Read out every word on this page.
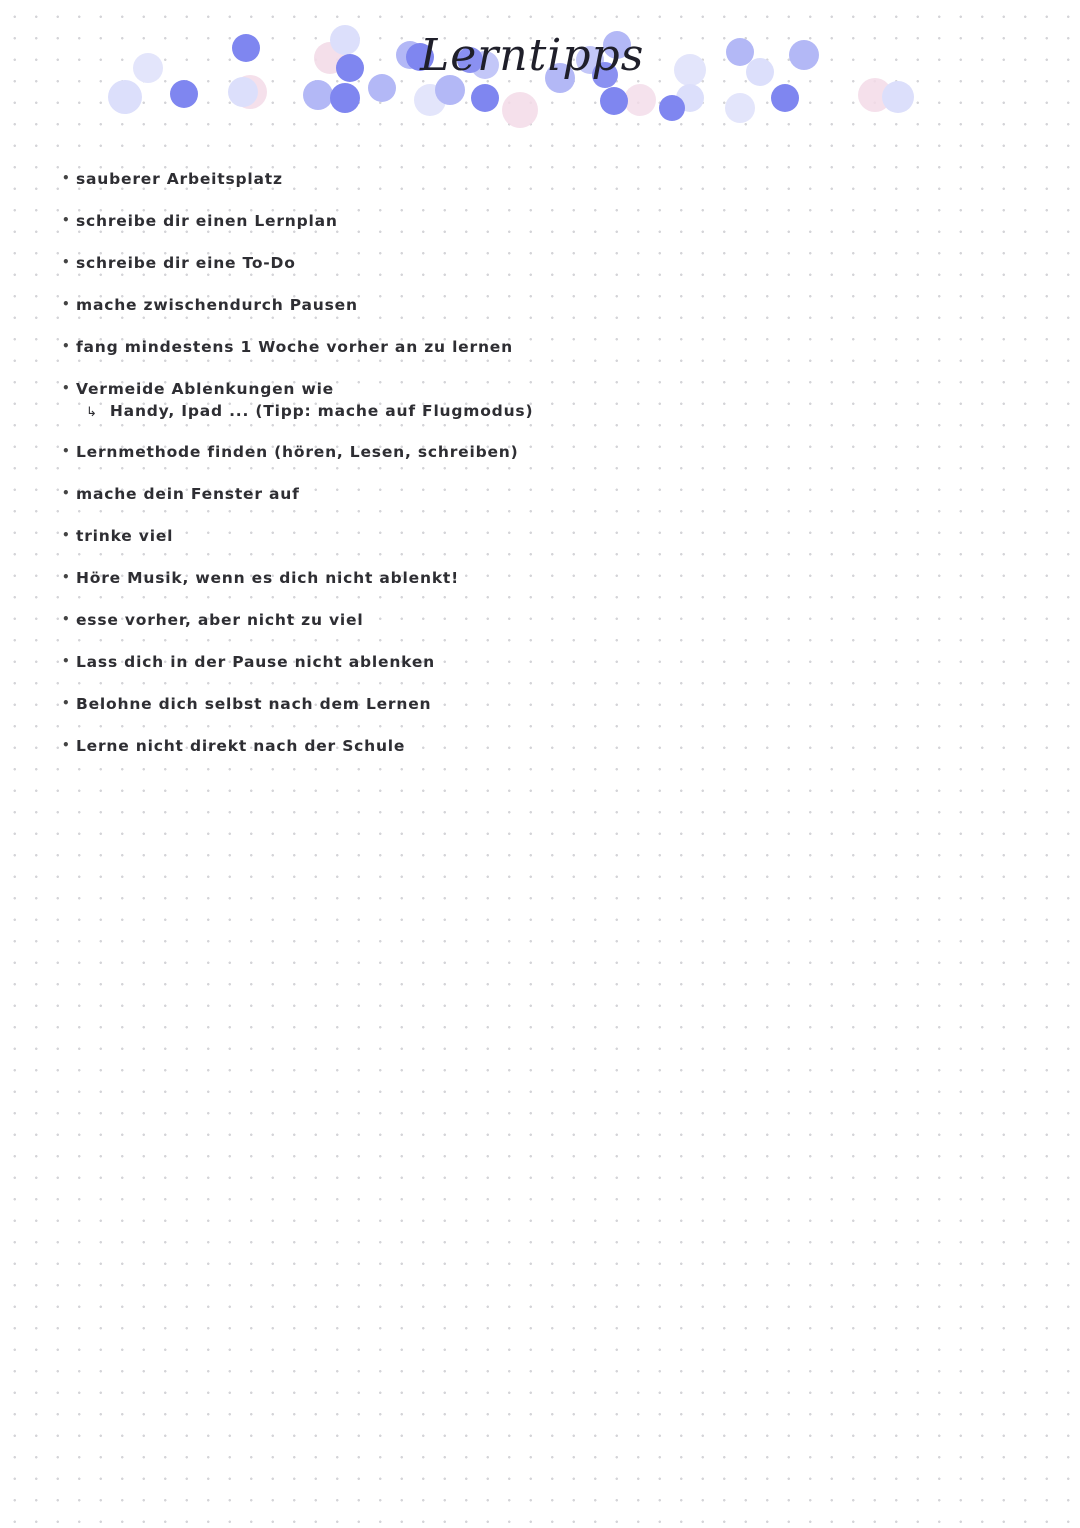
Lerntipps
• sauberer Arbeitsplatz
• schreibe dir einen Lernplan
• schreibe dir eine To-Do
• mache zwischendurch Pausen
• fang mindestens 1 Woche vorher an zu lernen
• Vermeide Ablenkungen wie
↳ Handy, Ipad ... (Tipp: mache auf Flugmodus)
• Lernmethode finden (hören, Lesen, schreiben)
• mache dein Fenster auf
• trinke viel
• Höre Musik, wenn es dich nicht ablenkt!
• esse vorher, aber nicht zu viel
• Lass dich in der Pause nicht ablenken
• Belohne dich selbst nach dem Lernen
• Lerne nicht direkt nach der Schule
